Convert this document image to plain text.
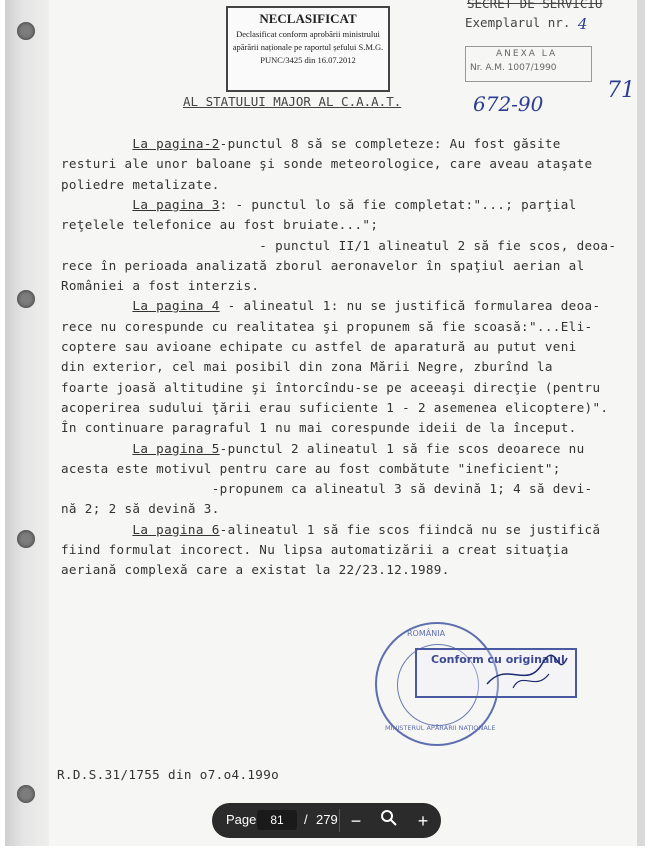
SECRET DE SERVICIU
Exemplarul nr. 4
NECLASIFICAT
Declasificat conform aprobării ministrului
apărării naționale pe raportul șefului S.M.G.
PUNC/3425 din 16.07.2012
ANEXA LA
Nr. A.M. 1007/1990
672-90
71
AL STATULUI MAJOR AL C.A.A.T.
La pagina-2-punctul 8 să se completeze: Au fost găsite
resturi ale unor baloane şi sonde meteorologice, care aveau ataşate
poliedre metalizate.
La pagina 3: - punctul lo să fie completat:"...; parţial
reţelele telefonice au fost bruiate...";
- punctul II/1 alineatul 2 să fie scos, deoa-
rece în perioada analizată zborul aeronavelor în spaţiul aerian al
României a fost interzis.
La pagina 4 - alineatul 1: nu se justifică formularea deoa-
rece nu corespunde cu realitatea şi propunem să fie scoasă:"...Eli-
coptere sau avioane echipate cu astfel de aparatură au putut veni
din exterior, cel mai posibil din zona Mării Negre, zburînd la
foarte joasă altitudine şi întorcîndu-se pe aceeaşi direcţie (pentru
acoperirea sudului ţării erau suficiente 1 - 2 asemenea elicoptere)".
În continuare paragraful 1 nu mai corespunde ideii de la început.
La pagina 5-punctul 2 alineatul 1 să fie scos deoarece nu
acesta este motivul pentru care au fost combătute "ineficient";
-propunem ca alineatul 3 să devină 1; 4 să devi-
nă 2; 2 să devină 3.
La pagina 6-alineatul 1 să fie scos fiindcă nu se justifică
fiind formulat incorect. Nu lipsa automatizării a creat situaţia
aeriană complexă care a existat la 22/23.12.1989.
ROMÂNIA
MINISTERUL APĂRĂRII NAȚIONALE
Conform cu originalul
R.D.S.31/1755 din o7.o4.199o
Page	81	/ 279 −	+
